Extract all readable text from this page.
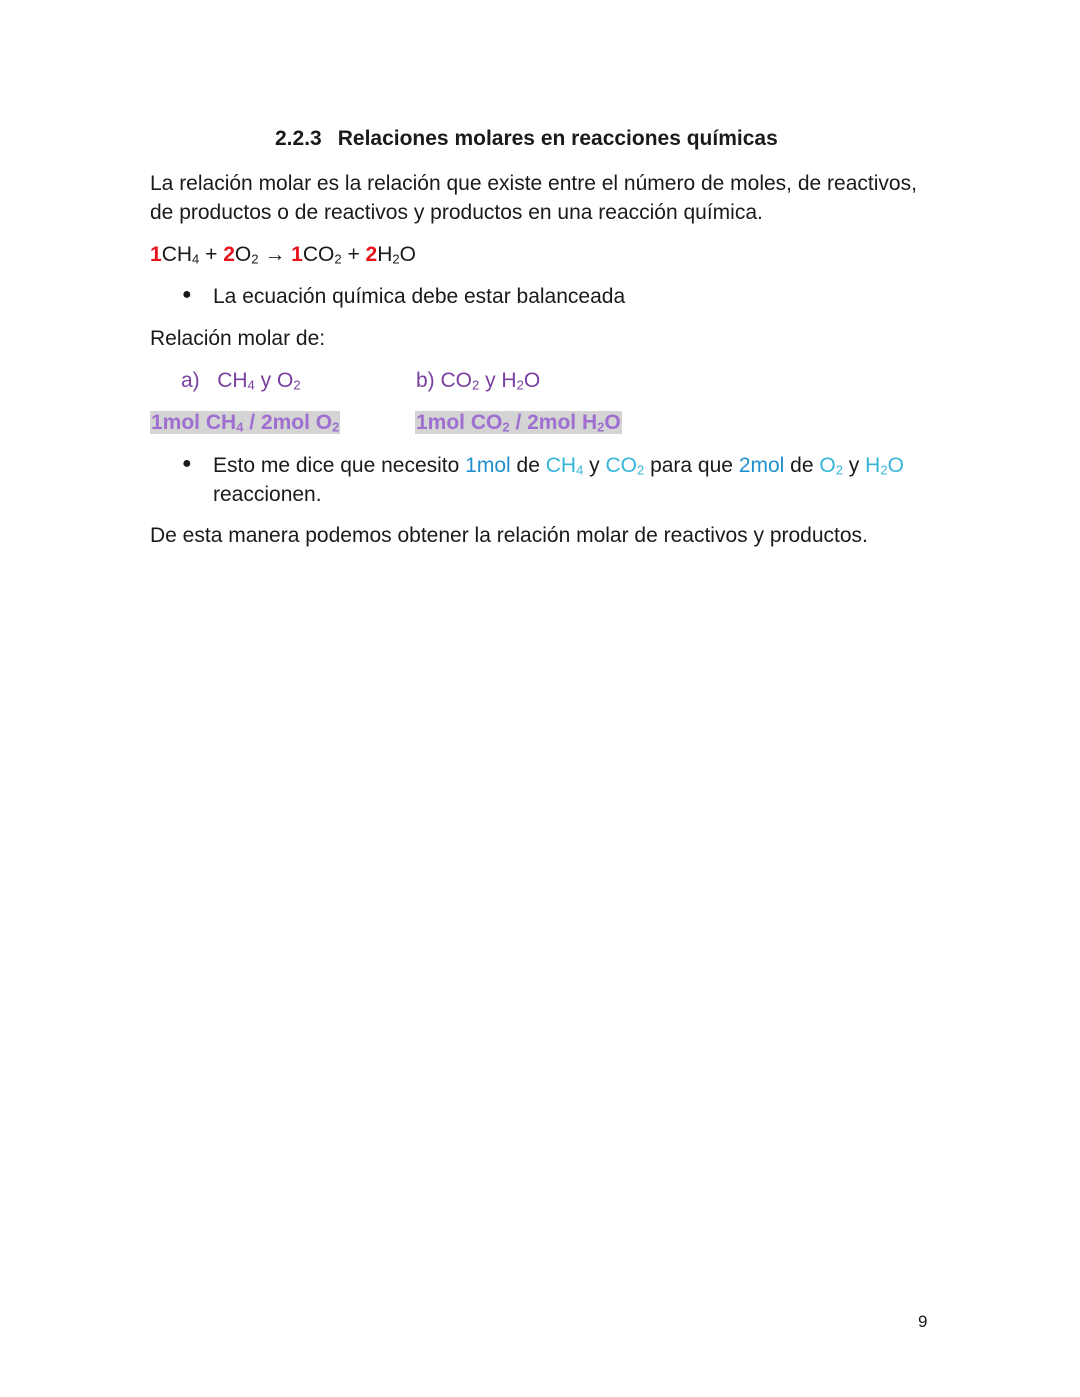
2.2.3 Relaciones molares en reacciones químicas
La relación molar es la relación que existe entre el número de moles, de reactivos,
de productos o de reactivos y productos en una reacción química.
$1CH_4 + 2O_2 \to 1CO_2 + 2H_2O$
● La ecuación química debe estar balanceada
Relación molar de:
a) $CH_4$ y $O_2$	b) $CO_2$ y $H_2O$
1mol $CH_4 / 2mol$ $O_2$	1mol $CO_2 / 2mol$ $H_2O$
● Esto me dice que necesito 1mol de $CH_4$ y $CO_2$ para que 2mol de $O_2$ y $H_2O$
reaccionen.
De esta manera podemos obtener la relación molar de reactivos y productos.
9
